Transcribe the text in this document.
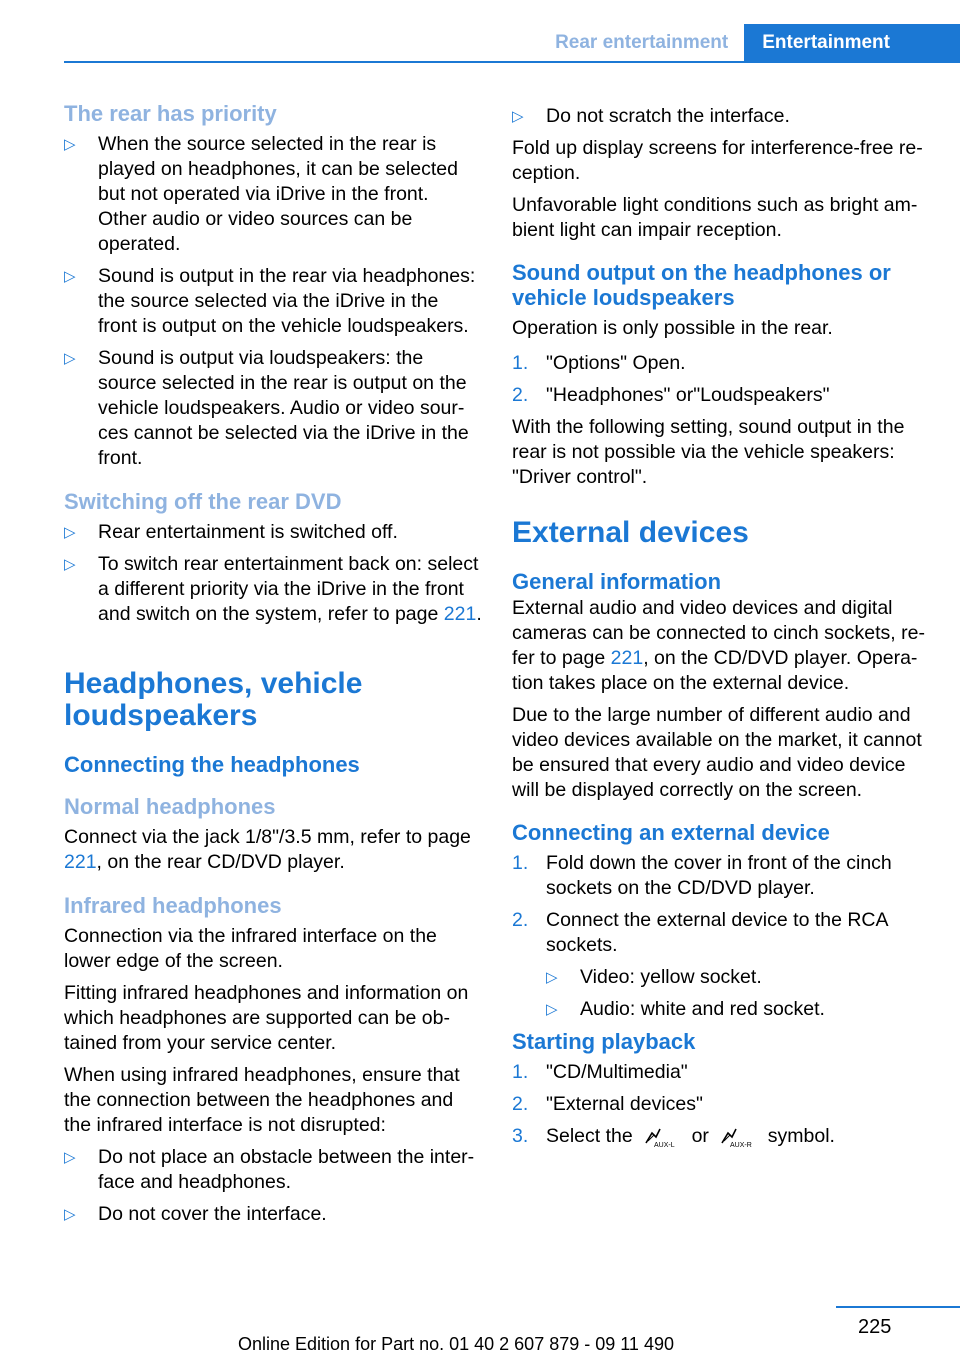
Rear entertainment	Entertainment
The rear has priority
▷ When the source selected in the rear is played on headphones, it can be selected but not operated via iDrive in the front. Other audio or video sources can be operated.
▷ Sound is output in the rear via headphones: the source selected via the iDrive in the front is output on the vehicle loudspeakers.
▷ Sound is output via loudspeakers: the source selected in the rear is output on the vehicle loudspeakers. Audio or video sour‐ ces cannot be selected via the iDrive in the front.
Switching off the rear DVD
▷ Rear entertainment is switched off.
▷ To switch rear entertainment back on: select a different priority via the iDrive in the front and switch on the system, refer to page 221.
Headphones, vehicle loudspeakers
Connecting the headphones
Normal headphones

Connect via the jack 1/8"/3.5 mm, refer to page 221, on the rear CD/DVD player.

Infrared headphones

Connection via the infrared interface on the lower edge of the screen.

Fitting infrared headphones and information on which headphones are supported can be ob‐ tained from your service center.

When using infrared headphones, ensure that the connection between the headphones and the infrared interface is not disrupted:

▷ Do not place an obstacle between the inter‐ face and headphones.
▷ Do not cover the interface.
▷ Do not scratch the interface.

Fold up display screens for interference-free re‐ ception.

Unfavorable light conditions such as bright am‐ bient light can impair reception.

Sound output on the headphones or vehicle loudspeakers

Operation is only possible in the rear.

1. "Options" Open.
2. "Headphones" or"Loudspeakers"

With the following setting, sound output in the rear is not possible via the vehicle speakers: "Driver control".

External devices
General information

External audio and video devices and digital cameras can be connected to cinch sockets, re‐ fer to page 221, on the CD/DVD player. Opera‐ tion takes place on the external device.

Due to the large number of different audio and video devices available on the market, it cannot be ensured that every audio and video device will be displayed correctly on the screen.

Connecting an external device
1. Fold down the cover in front of the cinch sockets on the CD/DVD player.
2. Connect the external device to the RCA sockets.
▷ Video: yellow socket.
▷ Audio: white and red socket.
Starting playback
1. "CD/Multimedia"
2. "External devices"
3. Select the	AUX-L or	AUX-R symbol.
225
Online Edition for Part no. 01 40 2 607 879 - 09 11 490
